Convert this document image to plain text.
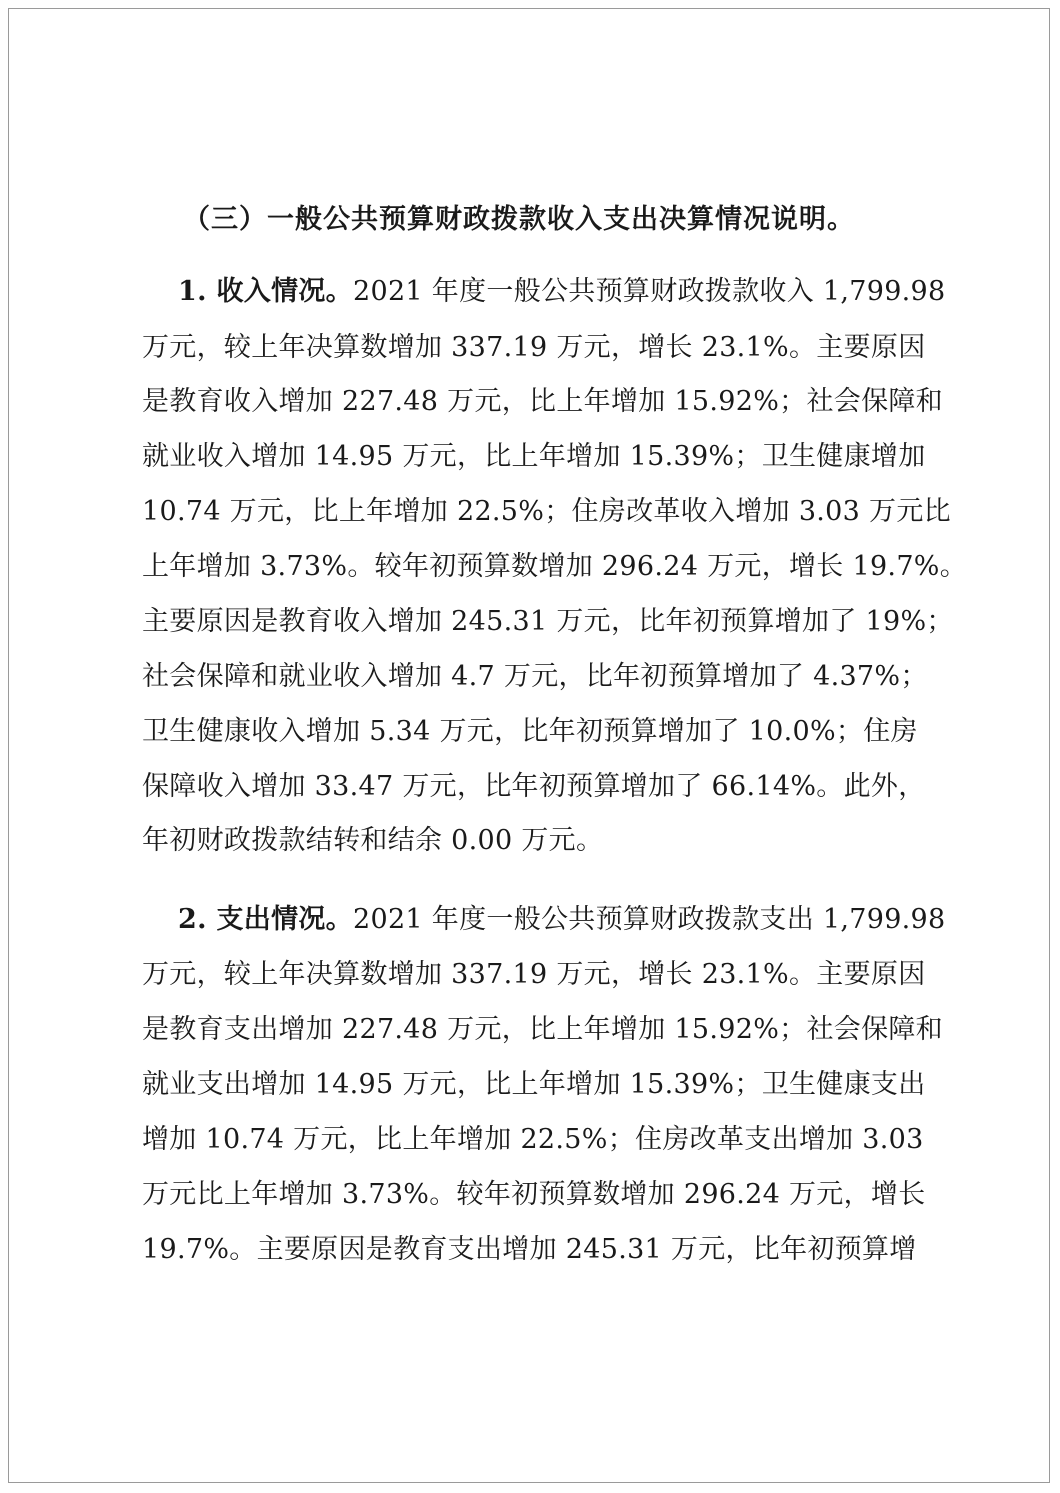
（三）一般公共预算财政拨款收入支出决算情况说明。
1. 收入情况。2021 年度一般公共预算财政拨款收入 1,799.98
万元，较上年决算数增加 337.19 万元，增长 23.1%。主要原因
是教育收入增加 227.48 万元，比上年增加 15.92%；社会保障和
就业收入增加 14.95 万元，比上年增加 15.39%；卫生健康增加
10.74 万元，比上年增加 22.5%；住房改革收入增加 3.03 万元比
上年增加 3.73%。较年初预算数增加 296.24 万元，增长 19.7%。
主要原因是教育收入增加 245.31 万元，比年初预算增加了 19%；
社会保障和就业收入增加 4.7 万元，比年初预算增加了 4.37%；
卫生健康收入增加 5.34 万元，比年初预算增加了 10.0%；住房
保障收入增加 33.47 万元，比年初预算增加了 66.14%。此外，
年初财政拨款结转和结余 0.00 万元。
2. 支出情况。2021 年度一般公共预算财政拨款支出 1,799.98
万元，较上年决算数增加 337.19 万元，增长 23.1%。主要原因
是教育支出增加 227.48 万元，比上年增加 15.92%；社会保障和
就业支出增加 14.95 万元，比上年增加 15.39%；卫生健康支出
增加 10.74 万元，比上年增加 22.5%；住房改革支出增加 3.03
万元比上年增加 3.73%。较年初预算数增加 296.24 万元，增长
19.7%。主要原因是教育支出增加 245.31 万元，比年初预算增
